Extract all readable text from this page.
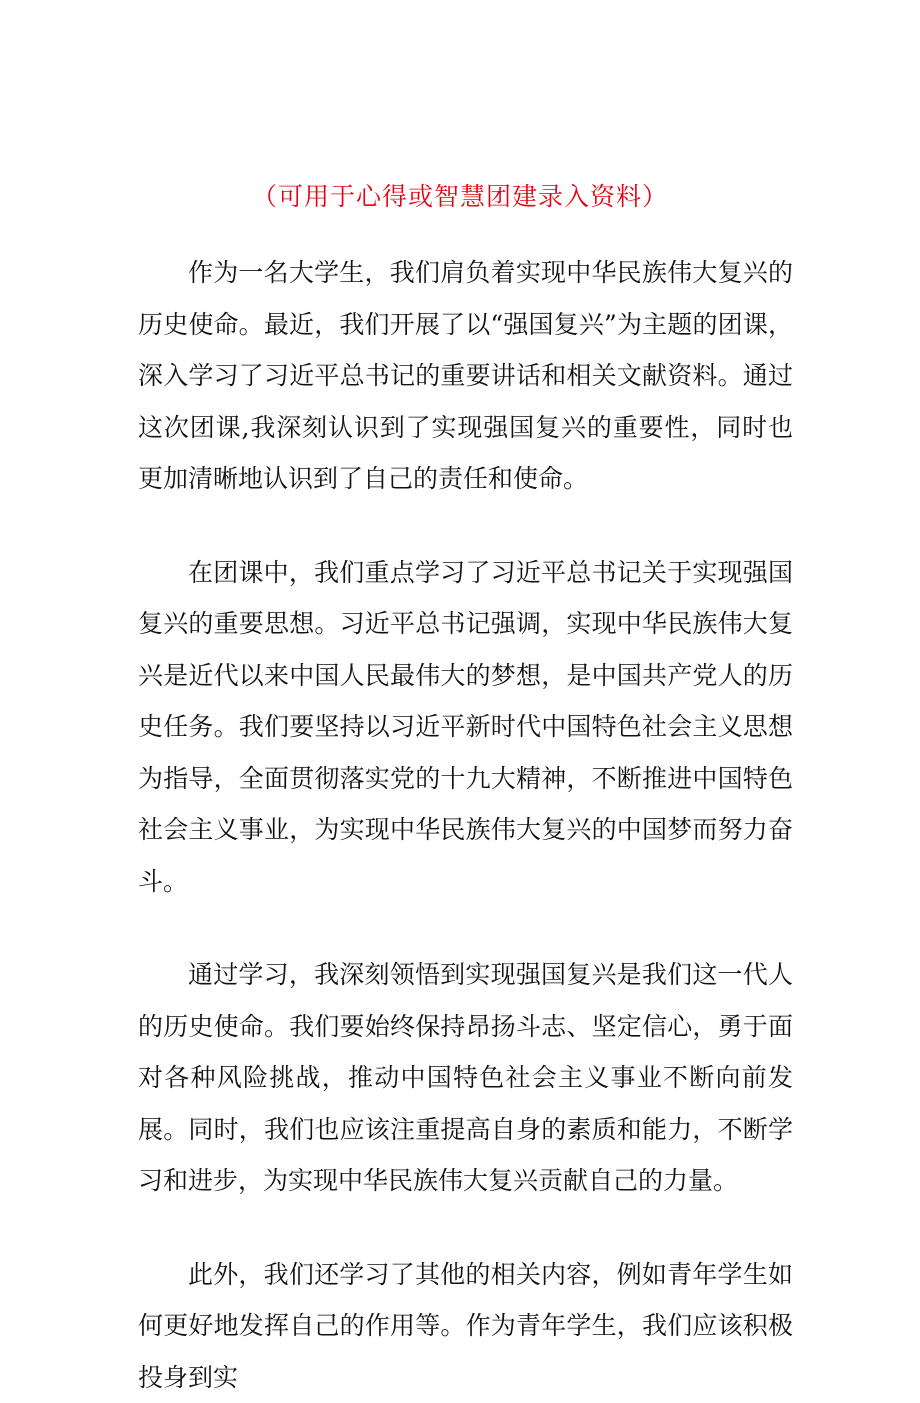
（可用于心得或智慧团建录入资料）

作为一名大学生，我们肩负着实现中华民族伟大复兴的历史使命。最近，我们开展了以“强国复兴”为主题的团课，深入学习了习近平总书记的重要讲话和相关文献资料。通过这次团课,我深刻认识到了实现强国复兴的重要性，同时也更加清晰地认识到了自己的责任和使命。

在团课中，我们重点学习了习近平总书记关于实现强国复兴的重要思想。习近平总书记强调，实现中华民族伟大复兴是近代以来中国人民最伟大的梦想，是中国共产党人的历史任务。我们要坚持以习近平新时代中国特色社会主义思想为指导，全面贯彻落实党的十九大精神，不断推进中国特色社会主义事业，为实现中华民族伟大复兴的中国梦而努力奋斗。

通过学习，我深刻领悟到实现强国复兴是我们这一代人的历史使命。我们要始终保持昂扬斗志、坚定信心，勇于面对各种风险挑战，推动中国特色社会主义事业不断向前发展。同时，我们也应该注重提高自身的素质和能力，不断学习和进步，为实现中华民族伟大复兴贡献自己的力量。

此外，我们还学习了其他的相关内容，例如青年学生如何更好地发挥自己的作用等。作为青年学生，我们应该积极投身到实
